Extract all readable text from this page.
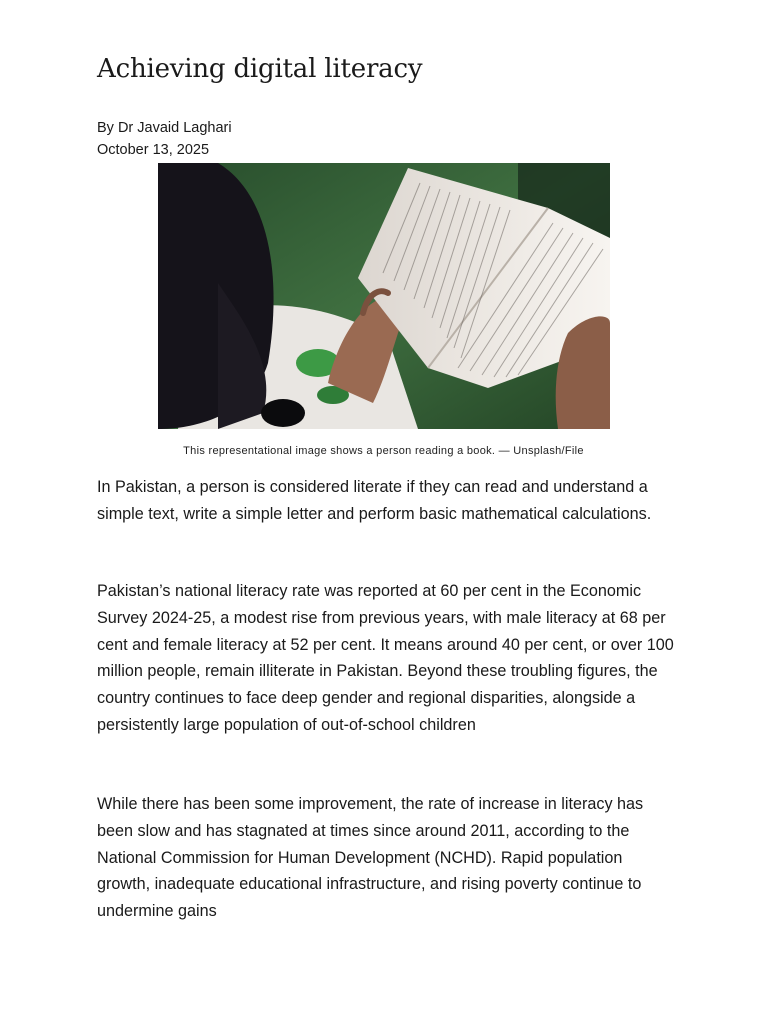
Achieving digital literacy
By Dr Javaid Laghari
October 13, 2025
This representational image shows a person reading a book. — Unsplash/File

In Pakistan, a person is considered literate if they can read and understand a simple text, write a simple letter and perform basic mathematical calculations.

Pakistan’s national literacy rate was reported at 60 per cent in the Economic Survey 2024-25, a modest rise from previous years, with male literacy at 68 per cent and female literacy at 52 per cent. It means around 40 per cent, or over 100 million people, remain illiterate in Pakistan. Beyond these troubling figures, the country continues to face deep gender and regional disparities, alongside a persistently large population of out-of-school children

While there has been some improvement, the rate of increase in literacy has been slow and has stagnated at times since around 2011, according to the National Commission for Human Development (NCHD). Rapid population growth, inadequate educational infrastructure, and rising poverty continue to undermine gains
